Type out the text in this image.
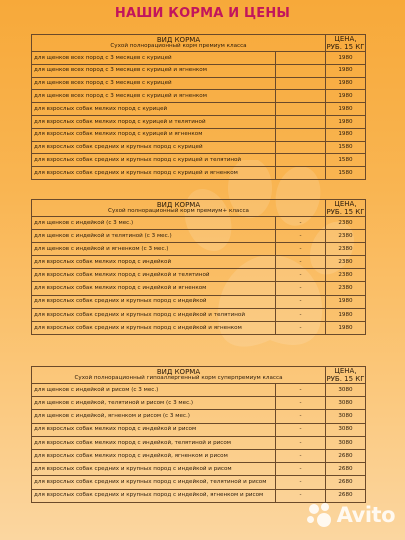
НАШИ КОРМА И ЦЕНЫ
ВИД КОРМА
Сухой полнорационный корм премиум класса		ЦЕНА, РУБ. 15 КГ
для щенков всех пород с 3 месяцев с курицей		1980
для щенков всех пород с 3 месяцев с курицей и ягненком		1980
для щенков всех пород с 3 месяцев с курицей		1980
для щенков всех пород с 3 месяцев с курицей и ягненком		1980
для взрослых собак мелких пород с курицей		1980
для взрослых собак мелких пород с курицей и телятиной		1980
для взрослых собак мелких пород с курицей и ягненком		1980
для взрослых собак средних и крупных пород с курицей		1580
для взрослых собак средних и крупных пород с курицей и телятиной		1580
для взрослых собак средних и крупных пород с курицей и ягненком		1580
ВИД КОРМА
Сухой полнорационный корм премиум+ класса		ЦЕНА, РУБ. 15 КГ
для щенков с индейкой (с 3 мес.)	-	2380
для щенков с индейкой и телятиной (с 3 мес.)	-	2380
для щенков с индейкой и ягненком (с 3 мес.)	-	2380
для взрослых собак мелких пород с индейкой	-	2380
для взрослых собак мелких пород с индейкой и телятиной	-	2380
для взрослых собак мелких пород с индейкой и ягненком	-	2380
для взрослых собак средних и крупных пород с индейкой	-	1980
для взрослых собак средних и крупных пород с индейкой и телятиной	-	1980
для взрослых собак средних и крупных пород с индейкой и ягненком	-	1980
ВИД КОРМА
Сухой полнорационный гипоаллергенный корм суперпремиум класса		ЦЕНА, РУБ. 15 КГ
для щенков с индейкой и рисом (с 3 мес.)	-	3080
для щенков с индейкой, телятиной и рисом (с 3 мес.)	-	3080
для щенков с индейкой, ягненком и рисом (с 3 мес.)	-	3080
для взрослых собак мелких пород с индейкой и рисом	-	3080
для взрослых собак мелких пород с индейкой, телятиной и рисом	-	3080
для взрослых собак мелких пород с индейкой, ягненком и рисом	-	2680
для взрослых собак средних и крупных пород с индейкой и рисом	-	2680
для взрослых собак средних и крупных пород с индейкой, телятиной и рисом	-	2680
для взрослых собак средних и крупных пород с индейкой, ягненком и рисом	-	2680
Avito
